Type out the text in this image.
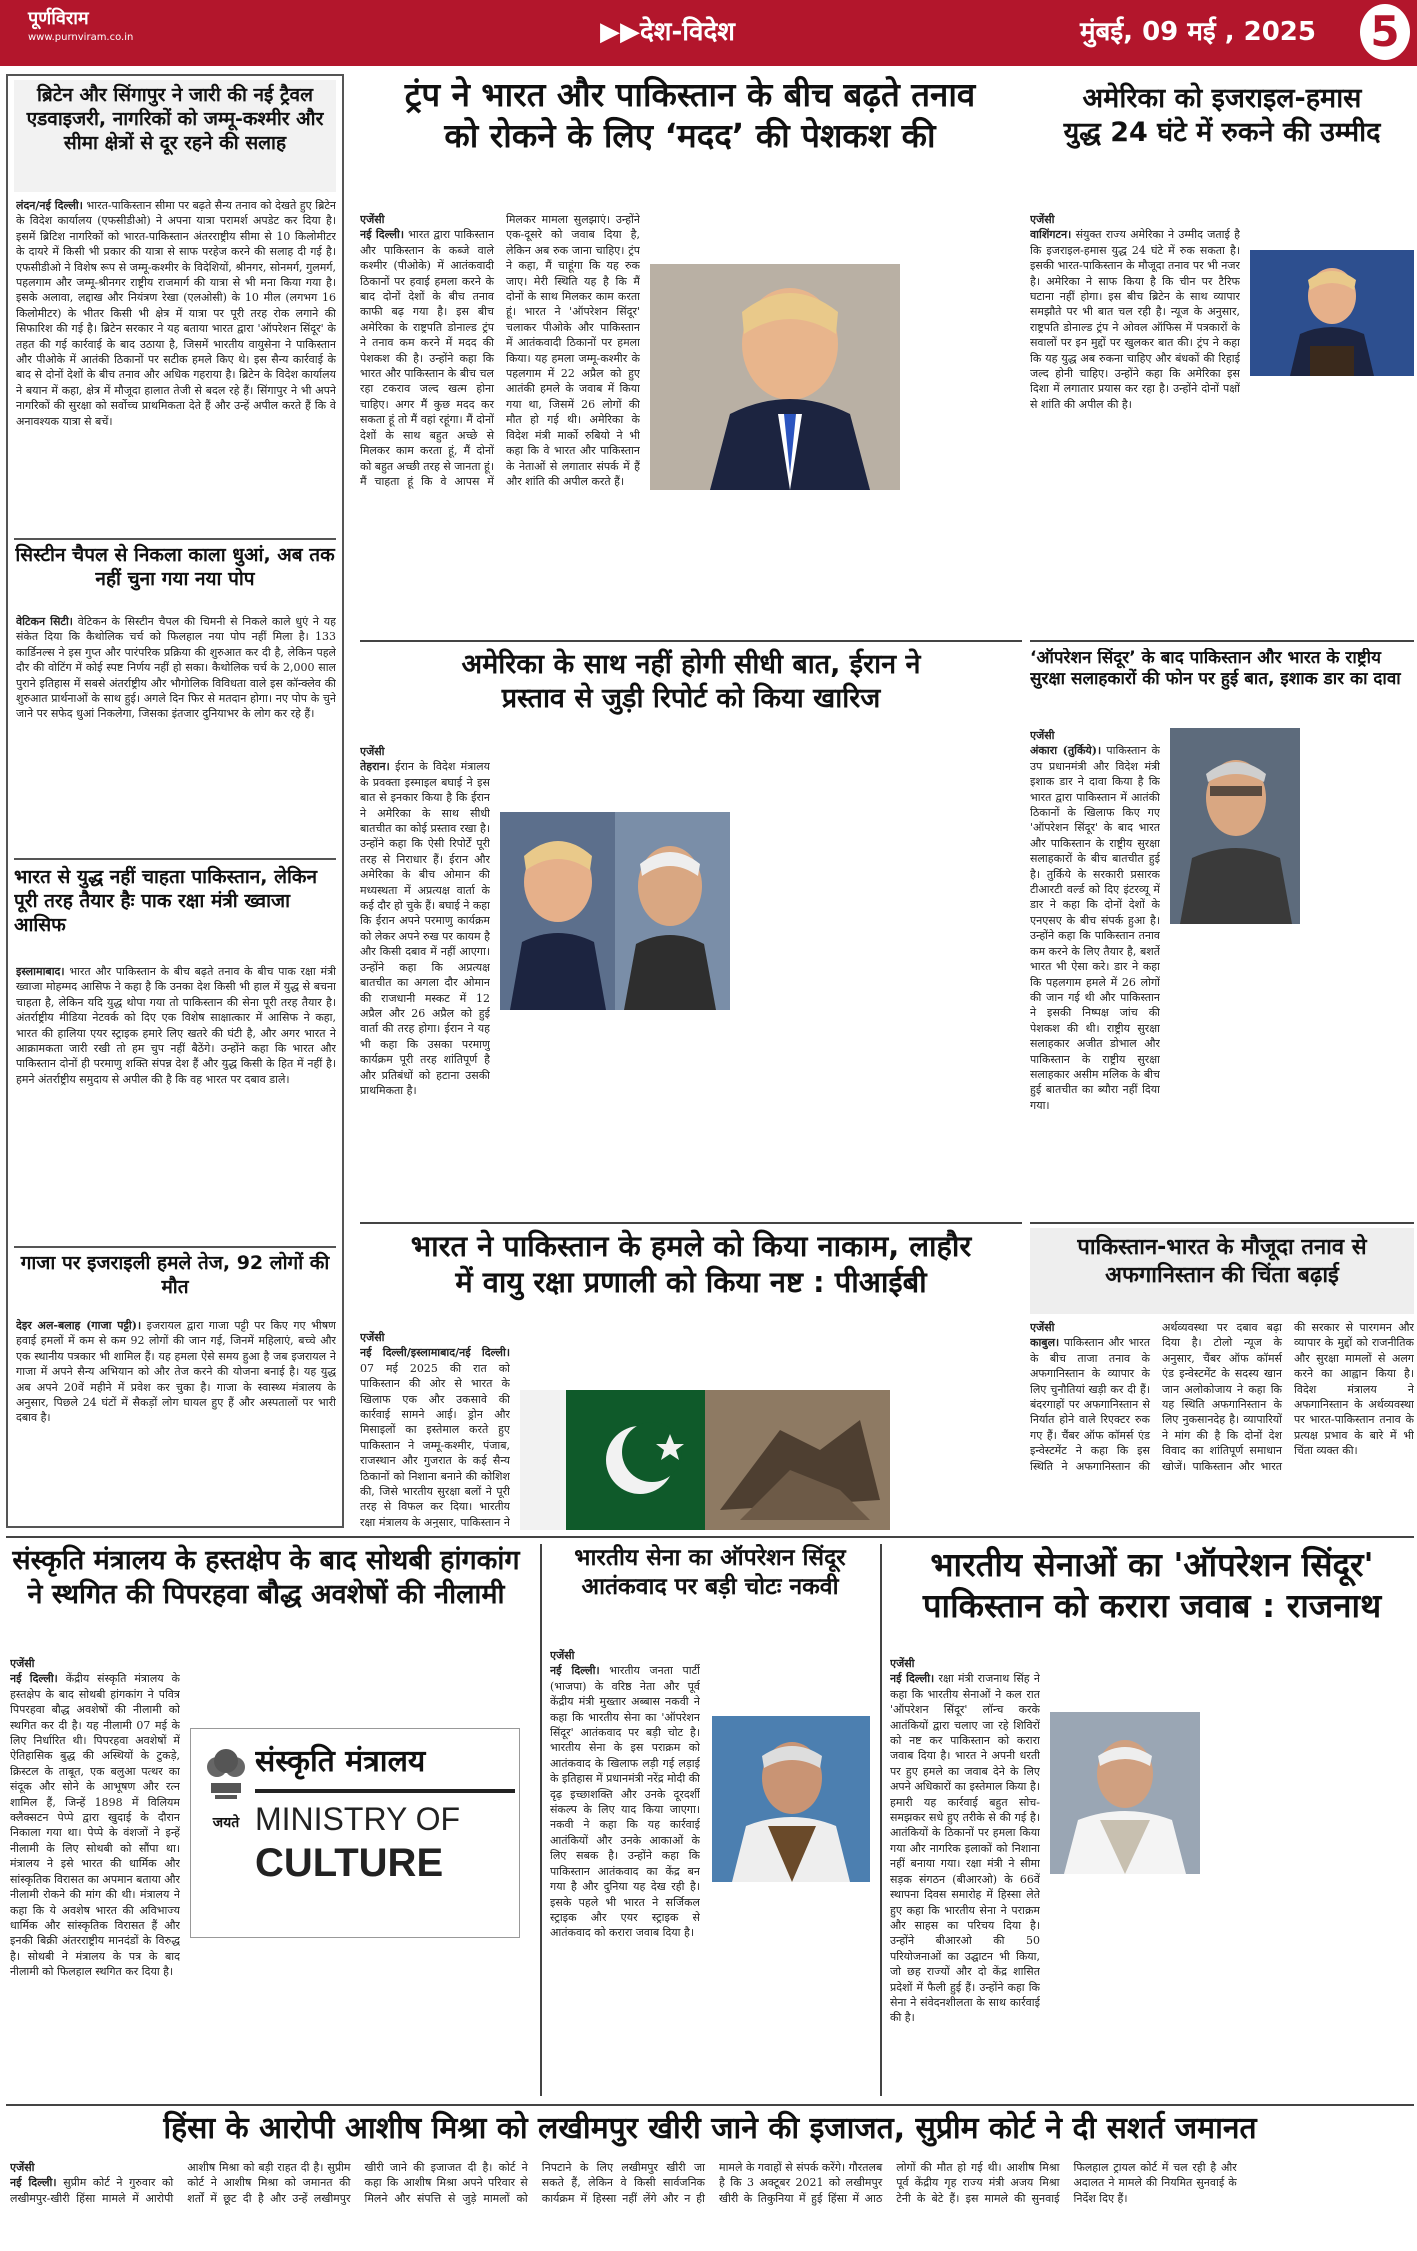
पूर्णविराम
www.purnviram.co.in	▶▶देश-विदेश	मुंबई, 09 मई , 2025 5
ब्रिटेन और सिंगापुर ने जारी की नई ट्रैवल एडवाइजरी, नागरिकों को जम्मू-कश्मीर और सीमा क्षेत्रों से दूर रहने की सलाह
लंदन/नई दिल्ली। भारत-पाकिस्तान सीमा पर बढ़ते सैन्य तनाव को देखते हुए ब्रिटेन के विदेश कार्यालय (एफसीडीओ) ने अपना यात्रा परामर्श अपडेट कर दिया है। इसमें ब्रिटिश नागरिकों को भारत-पाकिस्तान अंतरराष्ट्रीय सीमा से 10 किलोमीटर के दायरे में किसी भी प्रकार की यात्रा से साफ परहेज करने की सलाह दी गई है। एफसीडीओ ने विशेष रूप से जम्मू-कश्मीर के विदेशियों, श्रीनगर, सोनमर्ग, गुलमर्ग, पहलगाम और जम्मू-श्रीनगर राष्ट्रीय राजमार्ग की यात्रा से भी मना किया गया है। इसके अलावा, लद्दाख और नियंत्रण रेखा (एलओसी) के 10 मील (लगभग 16 किलोमीटर) के भीतर किसी भी क्षेत्र में यात्रा पर पूरी तरह रोक लगाने की सिफारिश की गई है। ब्रिटेन सरकार ने यह बताया भारत द्वारा 'ऑपरेशन सिंदूर' के तहत की गई कार्रवाई के बाद उठाया है, जिसमें भारतीय वायुसेना ने पाकिस्तान और पीओके में आतंकी ठिकानों पर सटीक हमले किए थे। इस सैन्य कार्रवाई के बाद से दोनों देशों के बीच तनाव और अधिक गहराया है। ब्रिटेन के विदेश कार्यालय ने बयान में कहा, क्षेत्र में मौजूदा हालात तेजी से बदल रहे हैं। सिंगापुर ने भी अपने नागरिकों की सुरक्षा को सर्वोच्च प्राथमिकता देते हैं और उन्हें अपील करते हैं कि वे अनावश्यक यात्रा से बचें।
सिस्टीन चैपल से निकला काला धुआं, अब तक नहीं चुना गया नया पोप
वेटिकन सिटी। वेटिकन के सिस्टीन चैपल की चिमनी से निकले काले धुएं ने यह संकेत दिया कि कैथोलिक चर्च को फिलहाल नया पोप नहीं मिला है। 133 कार्डिनल्स ने इस गुप्त और पारंपरिक प्रक्रिया की शुरुआत कर दी है, लेकिन पहले दौर की वोटिंग में कोई स्पष्ट निर्णय नहीं हो सका। कैथोलिक चर्च के 2,000 साल पुराने इतिहास में सबसे अंतर्राष्ट्रीय और भौगोलिक विविधता वाले इस कॉन्क्लेव की शुरुआत प्रार्थनाओं के साथ हुई। अगले दिन फिर से मतदान होगा। नए पोप के चुने जाने पर सफेद धुआं निकलेगा, जिसका इंतजार दुनियाभर के लोग कर रहे हैं।
भारत से युद्ध नहीं चाहता पाकिस्तान, लेकिन पूरी तरह तैयार हैः पाक रक्षा मंत्री ख्वाजा आसिफ
इस्लामाबाद। भारत और पाकिस्तान के बीच बढ़ते तनाव के बीच पाक रक्षा मंत्री ख्वाजा मोहम्मद आसिफ ने कहा है कि उनका देश किसी भी हाल में युद्ध से बचना चाहता है, लेकिन यदि युद्ध थोपा गया तो पाकिस्तान की सेना पूरी तरह तैयार है। अंतर्राष्ट्रीय मीडिया नेटवर्क को दिए एक विशेष साक्षात्कार में आसिफ ने कहा, भारत की हालिया एयर स्ट्राइक हमारे लिए खतरे की घंटी है, और अगर भारत ने आक्रामकता जारी रखी तो हम चुप नहीं बैठेंगे। उन्होंने कहा कि भारत और पाकिस्तान दोनों ही परमाणु शक्ति संपन्न देश हैं और युद्ध किसी के हित में नहीं है। हमने अंतर्राष्ट्रीय समुदाय से अपील की है कि वह भारत पर दबाव डाले।
गाजा पर इजराइली हमले तेज, 92 लोगों की मौत
देइर अल-बलाह (गाजा पट्टी)। इजरायल द्वारा गाजा पट्टी पर किए गए भीषण हवाई हमलों में कम से कम 92 लोगों की जान गई, जिनमें महिलाएं, बच्चे और एक स्थानीय पत्रकार भी शामिल हैं। यह हमला ऐसे समय हुआ है जब इजरायल ने गाजा में अपने सैन्य अभियान को और तेज करने की योजना बनाई है। यह युद्ध अब अपने 20वें महीने में प्रवेश कर चुका है। गाजा के स्वास्थ्य मंत्रालय के अनुसार, पिछले 24 घंटों में सैकड़ों लोग घायल हुए हैं और अस्पतालों पर भारी दबाव है।
ट्रंप ने भारत और पाकिस्तान के बीच बढ़ते तनाव
को रोकने के लिए ‘मदद’ की पेशकश की
एजेंसी
नई दिल्ली। भारत द्वारा पाकिस्तान और पाकिस्तान के कब्जे वाले कश्मीर (पीओके) में आतंकवादी ठिकानों पर हवाई हमला करने के बाद दोनों देशों के बीच तनाव काफी बढ़ गया है। इस बीच अमेरिका के राष्ट्रपति डोनाल्ड ट्रंप ने तनाव कम करने में मदद की पेशकश की है। उन्होंने कहा कि भारत और पाकिस्तान के बीच चल रहा टकराव जल्द खत्म होना चाहिए। अगर मैं कुछ मदद कर सकता हूं तो मैं वहां रहूंगा। मैं दोनों देशों के साथ बहुत अच्छे से मिलकर काम करता हूं, मैं दोनों को बहुत अच्छी तरह से जानता हूं। मैं चाहता हूं कि वे आपस में मिलकर मामला सुलझाएं। उन्होंने एक-दूसरे को जवाब दिया है, लेकिन अब रुक जाना चाहिए। ट्रंप ने कहा, मैं चाहूंगा कि यह रुक जाए। मेरी स्थिति यह है कि मैं दोनों के साथ मिलकर काम करता हूं। भारत ने 'ऑपरेशन सिंदूर' चलाकर पीओके और पाकिस्तान में आतंकवादी ठिकानों पर हमला किया। यह हमला जम्मू-कश्मीर के पहलगाम में 22 अप्रैल को हुए आतंकी हमले के जवाब में किया गया था, जिसमें 26 लोगों की मौत हो गई थी। अमेरिका के विदेश मंत्री मार्को रुबियो ने भी कहा कि वे भारत और पाकिस्तान के नेताओं से लगातार संपर्क में हैं और शांति की अपील करते हैं।
अमेरिका के साथ नहीं होगी सीधी बात, ईरान ने
प्रस्ताव से जुड़ी रिपोर्ट को किया खारिज
एजेंसी
तेहरान। ईरान के विदेश मंत्रालय के प्रवक्ता इस्माइल बघाई ने इस बात से इनकार किया है कि ईरान ने अमेरिका के साथ सीधी बातचीत का कोई प्रस्ताव रखा है। उन्होंने कहा कि ऐसी रिपोर्टें पूरी तरह से निराधार हैं। ईरान और अमेरिका के बीच ओमान की मध्यस्थता में अप्रत्यक्ष वार्ता के कई दौर हो चुके हैं। बघाई ने कहा कि ईरान अपने परमाणु कार्यक्रम को लेकर अपने रुख पर कायम है और किसी दबाव में नहीं आएगा। उन्होंने कहा कि अप्रत्यक्ष बातचीत का अगला दौर ओमान की राजधानी मस्कट में 12 अप्रैल और 26 अप्रैल को हुई वार्ता की तरह होगा। ईरान ने यह भी कहा कि उसका परमाणु कार्यक्रम पूरी तरह शांतिपूर्ण है और प्रतिबंधों को हटाना उसकी प्राथमिकता है।
अमेरिका को इजराइल-हमास
युद्ध 24 घंटे में रुकने की उम्मीद
एजेंसी
वाशिंगटन। संयुक्त राज्य अमेरिका ने उम्मीद जताई है कि इजराइल-हमास युद्ध 24 घंटे में रुक सकता है। इसकी भारत-पाकिस्तान के मौजूदा तनाव पर भी नजर है। अमेरिका ने साफ किया है कि चीन पर टैरिफ घटाना नहीं होगा। इस बीच ब्रिटेन के साथ व्यापार समझौते पर भी बात चल रही है। न्यूज के अनुसार, राष्ट्रपति डोनाल्ड ट्रंप ने ओवल ऑफिस में पत्रकारों के सवालों पर इन मुद्दों पर खुलकर बात की। ट्रंप ने कहा कि यह युद्ध अब रुकना चाहिए और बंधकों की रिहाई जल्द होनी चाहिए। उन्होंने कहा कि अमेरिका इस दिशा में लगातार प्रयास कर रहा है। उन्होंने दोनों पक्षों से शांति की अपील की है।
‘ऑपरेशन सिंदूर’ के बाद पाकिस्तान और भारत के राष्ट्रीय
सुरक्षा सलाहकारों की फोन पर हुई बात, इशाक डार का दावा
एजेंसी
अंकारा (तुर्किये)। पाकिस्तान के उप प्रधानमंत्री और विदेश मंत्री इशाक डार ने दावा किया है कि भारत द्वारा पाकिस्तान में आतंकी ठिकानों के खिलाफ किए गए 'ऑपरेशन सिंदूर' के बाद भारत और पाकिस्तान के राष्ट्रीय सुरक्षा सलाहकारों के बीच बातचीत हुई है। तुर्किये के सरकारी प्रसारक टीआरटी वर्ल्ड को दिए इंटरव्यू में डार ने कहा कि दोनों देशों के एनएसए के बीच संपर्क हुआ है। उन्होंने कहा कि पाकिस्तान तनाव कम करने के लिए तैयार है, बशर्ते भारत भी ऐसा करे। डार ने कहा कि पहलगाम हमले में 26 लोगों की जान गई थी और पाकिस्तान ने इसकी निष्पक्ष जांच की पेशकश की थी। राष्ट्रीय सुरक्षा सलाहकार अजीत डोभाल और पाकिस्तान के राष्ट्रीय सुरक्षा सलाहकार असीम मलिक के बीच हुई बातचीत का ब्यौरा नहीं दिया गया।
भारत ने पाकिस्तान के हमले को किया नाकाम, लाहौर
में वायु रक्षा प्रणाली को किया नष्ट : पीआईबी
एजेंसी
नई दिल्ली/इस्लामाबाद/नई दिल्ली। 07 मई 2025 की रात को पाकिस्तान की ओर से भारत के खिलाफ एक और उकसावे की कार्रवाई सामने आई। ड्रोन और मिसाइलों का इस्तेमाल करते हुए पाकिस्तान ने जम्मू-कश्मीर, पंजाब, राजस्थान और गुजरात के कई सैन्य ठिकानों को निशाना बनाने की कोशिश की, जिसे भारतीय सुरक्षा बलों ने पूरी तरह से विफल कर दिया। भारतीय रक्षा मंत्रालय के अनुसार, पाकिस्तान ने
पाकिस्तान-भारत के मौजूदा तनाव से
अफगानिस्तान की चिंता बढ़ाई
एजेंसी
काबुल। पाकिस्तान और भारत के बीच ताजा तनाव के अफगानिस्तान के व्यापार के लिए चुनौतियां खड़ी कर दी हैं। बंदरगाहों पर अफगानिस्तान से निर्यात होने वाले रिएक्टर रुक गए हैं। चैंबर ऑफ कॉमर्स एंड इन्वेस्टमेंट ने कहा कि इस स्थिति ने अफगानिस्तान की अर्थव्यवस्था पर दबाव बढ़ा दिया है। टोलो न्यूज के अनुसार, चैंबर ऑफ कॉमर्स एंड इन्वेस्टमेंट के सदस्य खान जान अलोकोजाय ने कहा कि यह स्थिति अफगानिस्तान के लिए नुकसानदेह है। व्यापारियों ने मांग की है कि दोनों देश विवाद का शांतिपूर्ण समाधान खोजें। पाकिस्तान और भारत की सरकार से पारगमन और व्यापार के मुद्दों को राजनीतिक और सुरक्षा मामलों से अलग करने का आह्वान किया है। विदेश मंत्रालय ने अफगानिस्तान के अर्थव्यवस्था पर भारत-पाकिस्तान तनाव के प्रत्यक्ष प्रभाव के बारे में भी चिंता व्यक्त की।
संस्कृति मंत्रालय के हस्तक्षेप के बाद सोथबी हांगकांग
ने स्थगित की पिपरहवा बौद्ध अवशेषों की नीलामी
एजेंसी
नई दिल्ली। केंद्रीय संस्कृति मंत्रालय के हस्तक्षेप के बाद सोथबी हांगकांग ने पवित्र पिपरहवा बौद्ध अवशेषों की नीलामी को स्थगित कर दी है। यह नीलामी 07 मई के लिए निर्धारित थी। पिपरहवा अवशेषों में ऐतिहासिक बुद्ध की अस्थियों के टुकड़े, क्रिस्टल के ताबूत, एक बलुआ पत्थर का संदूक और सोने के आभूषण और रत्न शामिल हैं, जिन्हें 1898 में विलियम क्लैक्सटन पेप्पे द्वारा खुदाई के दौरान निकाला गया था। पेप्पे के वंशजों ने इन्हें नीलामी के लिए सोथबी को सौंपा था। मंत्रालय ने इसे भारत की धार्मिक और सांस्कृतिक विरासत का अपमान बताया और नीलामी रोकने की मांग की थी। मंत्रालय ने कहा कि ये अवशेष भारत की अविभाज्य धार्मिक और सांस्कृतिक विरासत हैं और इनकी बिक्री अंतरराष्ट्रीय मानदंडों के विरुद्ध है। सोथबी ने मंत्रालय के पत्र के बाद नीलामी को फिलहाल स्थगित कर दिया है।
संस्कृति मंत्रालय
MINISTRY OF
CULTURE
जयते
भारतीय सेना का ऑपरेशन सिंदूर
आतंकवाद पर बड़ी चोटः नकवी
एजेंसी
नई दिल्ली। भारतीय जनता पार्टी (भाजपा) के वरिष्ठ नेता और पूर्व केंद्रीय मंत्री मुख्तार अब्बास नकवी ने कहा कि भारतीय सेना का 'ऑपरेशन सिंदूर' आतंकवाद पर बड़ी चोट है। भारतीय सेना के इस पराक्रम को आतंकवाद के खिलाफ लड़ी गई लड़ाई के इतिहास में प्रधानमंत्री नरेंद्र मोदी की दृढ़ इच्छाशक्ति और उनके दूरदर्शी संकल्प के लिए याद किया जाएगा। नकवी ने कहा कि यह कार्रवाई आतंकियों और उनके आकाओं के लिए सबक है। उन्होंने कहा कि पाकिस्तान आतंकवाद का केंद्र बन गया है और दुनिया यह देख रही है। इसके पहले भी भारत ने सर्जिकल स्ट्राइक और एयर स्ट्राइक से आतंकवाद को करारा जवाब दिया है।
भारतीय सेनाओं का 'ऑपरेशन सिंदूर'
पाकिस्तान को करारा जवाब : राजनाथ
एजेंसी
नई दिल्ली। रक्षा मंत्री राजनाथ सिंह ने कहा कि भारतीय सेनाओं ने कल रात 'ऑपरेशन सिंदूर' लॉन्च करके आतंकियों द्वारा चलाए जा रहे शिविरों को नष्ट कर पाकिस्तान को करारा जवाब दिया है। भारत ने अपनी धरती पर हुए हमले का जवाब देने के लिए अपने अधिकारों का इस्तेमाल किया है। हमारी यह कार्रवाई बहुत सोच-समझकर सधे हुए तरीके से की गई है। आतंकियों के ठिकानों पर हमला किया गया और नागरिक इलाकों को निशाना नहीं बनाया गया। रक्षा मंत्री ने सीमा सड़क संगठन (बीआरओ) के 66वें स्थापना दिवस समारोह में हिस्सा लेते हुए कहा कि भारतीय सेना ने पराक्रम और साहस का परिचय दिया है। उन्होंने बीआरओ की 50 परियोजनाओं का उद्घाटन भी किया, जो छह राज्यों और दो केंद्र शासित प्रदेशों में फैली हुई हैं। उन्होंने कहा कि सेना ने संवेदनशीलता के साथ कार्रवाई की है।
हिंसा के आरोपी आशीष मिश्रा को लखीमपुर खीरी जाने की इजाजत, सुप्रीम कोर्ट ने दी सशर्त जमानत
एजेंसी
नई दिल्ली। सुप्रीम कोर्ट ने गुरुवार को लखीमपुर-खीरी हिंसा मामले में आरोपी आशीष मिश्रा को बड़ी राहत दी है। सुप्रीम कोर्ट ने आशीष मिश्रा को जमानत की शर्तों में छूट दी है और उन्हें लखीमपुर खीरी जाने की इजाजत दी है। कोर्ट ने कहा कि आशीष मिश्रा अपने परिवार से मिलने और संपत्ति से जुड़े मामलों को निपटाने के लिए लखीमपुर खीरी जा सकते हैं, लेकिन वे किसी सार्वजनिक कार्यक्रम में हिस्सा नहीं लेंगे और न ही मामले के गवाहों से संपर्क करेंगे। गौरतलब है कि 3 अक्टूबर 2021 को लखीमपुर खीरी के तिकुनिया में हुई हिंसा में आठ लोगों की मौत हो गई थी। आशीष मिश्रा पूर्व केंद्रीय गृह राज्य मंत्री अजय मिश्रा टेनी के बेटे हैं। इस मामले की सुनवाई फिलहाल ट्रायल कोर्ट में चल रही है और अदालत ने मामले की नियमित सुनवाई के निर्देश दिए हैं।
